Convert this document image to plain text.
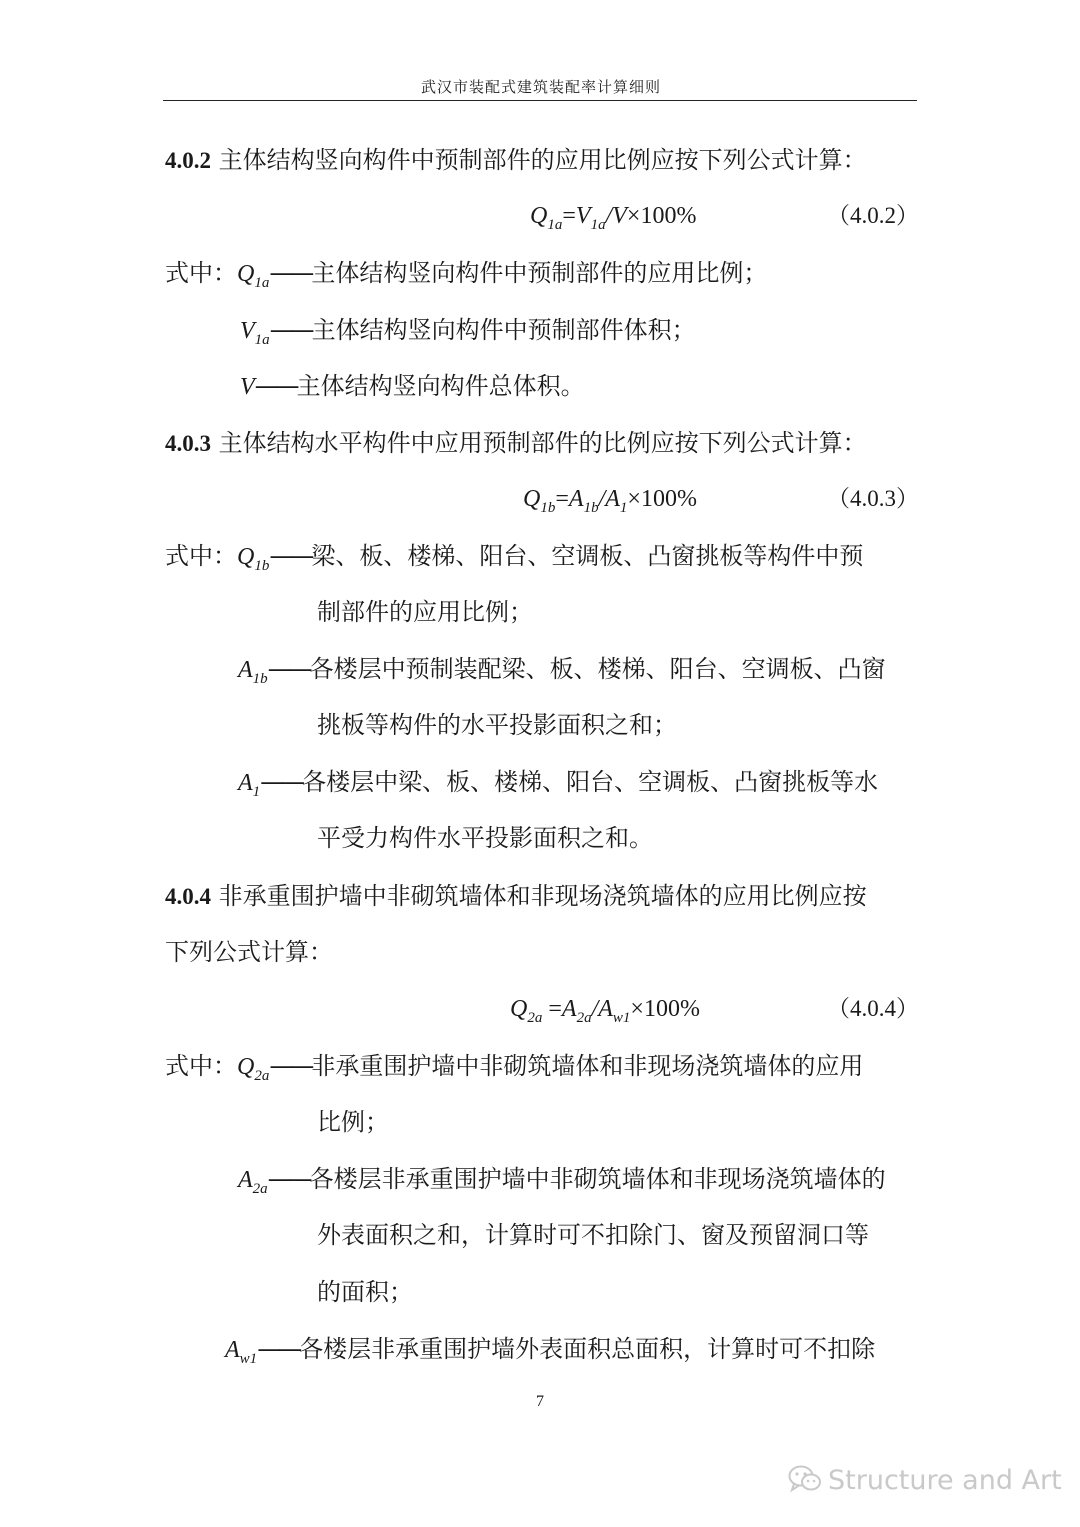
武汉市装配式建筑装配率计算细则
4.0.2 主体结构竖向构件中预制部件的应用比例应按下列公式计算：
$Q_{1a}=V_{1a}/V\times 100\%$	（4.0.2）
式中：$Q_{1a}——$主体结构竖向构件中预制部件的应用比例；
$V_{1a}——$主体结构竖向构件中预制部件体积；
V——主体结构竖向构件总体积。
4.0.3 主体结构水平构件中应用预制部件的比例应按下列公式计算：
$Q_{1b}=A_{1b}/A_1\times 100\%$	（4.0.3）
式中：$Q_{1b}——$梁、板、楼梯、阳台、空调板、凸窗挑板等构件中预
制部件的应用比例；
$A_{1b}——$各楼层中预制装配梁、板、楼梯、阳台、空调板、凸窗
挑板等构件的水平投影面积之和；
$A_1——$各楼层中梁、板、楼梯、阳台、空调板、凸窗挑板等水
平受力构件水平投影面积之和。
4.0.4 非承重围护墙中非砌筑墙体和非现场浇筑墙体的应用比例应按
下列公式计算：
$Q_{2a} =A_{2a}/A_{w1}\times 100\%$	（4.0.4）
式中：$Q_{2a}——$非承重围护墙中非砌筑墙体和非现场浇筑墙体的应用
比例；
$A_{2a}——$各楼层非承重围护墙中非砌筑墙体和非现场浇筑墙体的
外表面积之和，计算时可不扣除门、窗及预留洞口等
的面积；
$A_{w1}——$各楼层非承重围护墙外表面积总面积，计算时可不扣除
7
Structure and Art
